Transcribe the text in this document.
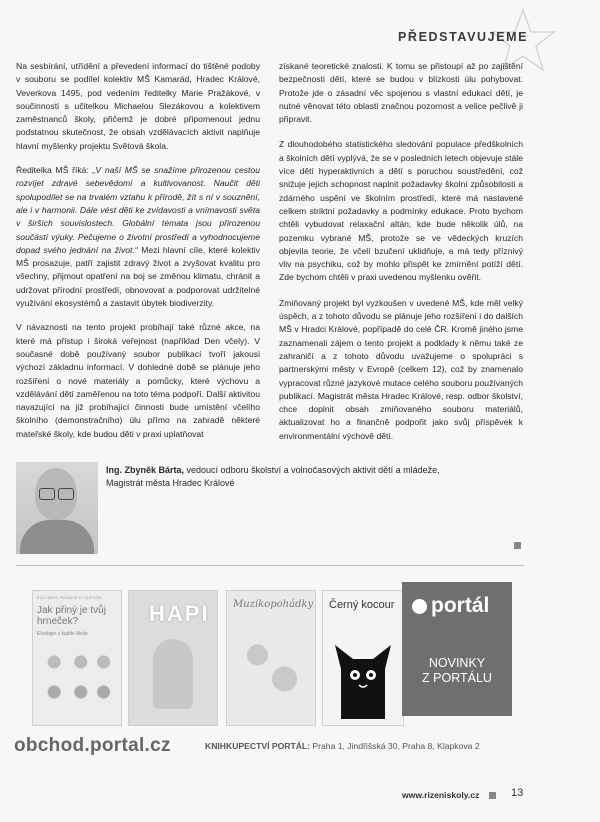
PŘEDSTAVUJEME

Na sesbírání, utřídění a převedení informací do tištěné podoby v souboru se podílel kolektiv MŠ Kamarád, Hradec Králové, Veverkova 1495, pod vedením ředitelky Marie Pražákové, v součinnosti s učitelkou Michaelou Slezákovou a kolektivem zaměstnanců školy, přičemž je dobré připomenout jednu podstatnou skutečnost, že obsah vzdělávacích aktivit naplňuje hlavní myšlenky projektu Světová škola.

Ředitelka MŠ říká: „V naší MŠ se snažíme přirozenou cestou rozvíjet zdravé sebevědomí a kultivovanost. Naučit děti spolupodílet se na trvalém vztahu k přírodě, žít s ní v souznění, ale i v harmonii. Dále vést děti ke zvídavosti a vnímavosti světa v širších souvislostech. Globální témata jsou přirozenou součástí výuky. Pečujeme o životní prostředí a vyhodnocujeme dopad svého jednání na život.“ Mezi hlavní cíle, které kolektiv MŠ prosazuje, patří zajistit zdravý život a zvyšovat kvalitu pro všechny, přijmout opatření na boj se změnou klimatu, chránit a udržovat přírodní prostředí, obnovovat a podporovat udržitelné využívání ekosystémů a zastavit úbytek biodiverzity.

V návaznosti na tento projekt probíhají také různé akce, na které má přístup i široká veřejnost (například Den včely). V současné době používaný soubor publikací tvoří jakousi výchozí základnu informací. V dohledné době se plánuje jeho rozšíření o nové materiály a pomůcky, které výchovu a vzdělávání dětí zaměřenou na toto téma podpoří. Další aktivitou navazující na již probíhající činnosti bude umístění včelího školního (demonstračního) úlu přímo na zahradě některé mateřské školy, kde budou děti v praxi uplatňovat

získané teoretické znalosti. K tomu se přistoupí až po zajištění bezpečnosti dětí, které se budou v blízkosti úlu pohybovat. Protože jde o zásadní věc spojenou s vlastní edukací dětí, je nutné věnovat této oblasti značnou pozornost a velice pečlivě ji připravit.

Z dlouhodobého statistického sledování populace předškolních a školních dětí vyplývá, že se v posledních letech objevuje stále více dětí hyperaktivních a dětí s poruchou soustředění, což snižuje jejich schopnost naplnit požadavky školní způsobilosti a zdárného uspění ve školním prostředí, které má nastavené celkem striktní požadavky a podmínky edukace. Proto bychom chtěli vybudovat relaxační altán, kde bude několik úlů, na pozemku vybrané MŠ, protože se ve vědeckých kruzích objevila teorie, že včelí bzučení uklidňuje, a má tedy příznivý vliv na psychiku, což by mohlo přispět ke zmírnění potíží dětí. Zde bychom chtěli v praxi uvedenou myšlenku ověřit.

Zmiňovaný projekt byl vyzkoušen v uvedené MŠ, kde měl velký úspěch, a z tohoto důvodu se plánuje jeho rozšíření i do dalších MŠ v Hradci Králové, popřípadě do celé ČR. Kromě jiného jsme zaznamenali zájem o tento projekt a podklady k němu také ze zahraničí a z tohoto důvodu uvažujeme o spolupráci s partnerskými městy v Evropě (celkem 12), což by znamenalo vypracovat různé jazykové mutace celého souboru používaných publikací. Magistrát města Hradec Králové, resp. odbor školství, chce doplnit obsah zmiňovaného souboru materiálů, aktualizovat ho a finančně podpořit jako svůj příspěvek k environmentální výchově dětí.

Ing. Zbyněk Bárta, vedoucí odboru školství a volnočasových aktivit dětí a mládeže,
Magistrát města Hradec Králové
ELLY BAYS, ROSALIE O. CLIFTON
Jak přiný je tvůj hrneček?
Ekologie v každé škole
HAPI Muzikopohádky Černý kocour	portál
NOVINKY
Z PORTÁLU
obchod.portal.cz	KNIHKUPECTVÍ PORTÁL: Praha 1, Jindřišská 30, Praha 8, Klapkova 2
www.rizeniskoly.cz	13
